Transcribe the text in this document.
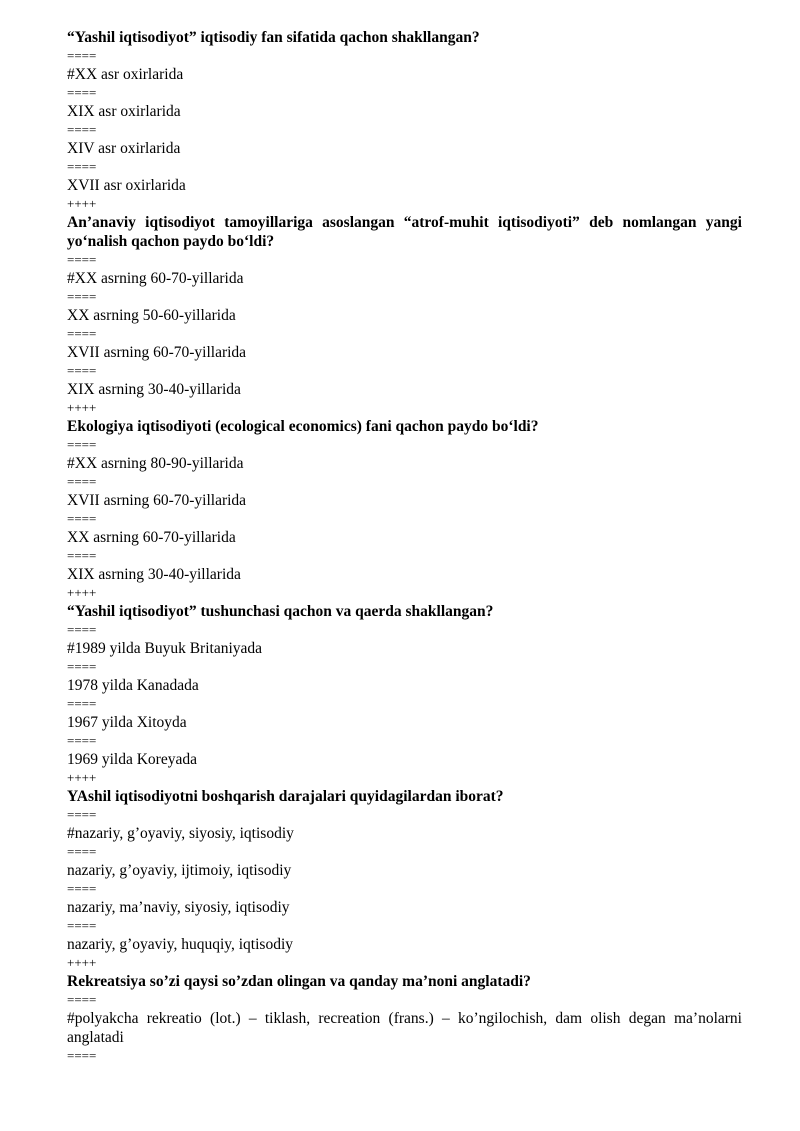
“Yashil iqtisodiyot” iqtisodiy fan sifatida qachon shakllangan?
====
#XX asr oxirlarida
====
XIX asr oxirlarida
====
XIV asr oxirlarida
====
XVII asr oxirlarida
++++
An’anaviy iqtisodiyot tamoyillariga asoslangan “atrof-muhit iqtisodiyoti” deb nomlangan yangi yo‘nalish qachon paydo bo‘ldi?
====
#XX asrning 60-70-yillarida
====
XX asrning 50-60-yillarida
====
XVII asrning 60-70-yillarida
====
XIX asrning 30-40-yillarida
++++
Ekologiya iqtisodiyoti (ecological economics) fani qachon paydo bo‘ldi?
====
#XX asrning 80-90-yillarida
====
XVII asrning 60-70-yillarida
====
XX asrning 60-70-yillarida
====
XIX asrning 30-40-yillarida
++++
“Yashil iqtisodiyot” tushunchasi qachon va qaerda shakllangan?
====
#1989 yilda Buyuk Britaniyada
====
1978 yilda Kanadada
====
1967 yilda Xitoyda
====
1969 yilda Koreyada
++++
YAshil iqtisodiyotni boshqarish darajalari quyidagilardan iborat?
====
#nazariy, g’oyaviy, siyosiy, iqtisodiy
====
nazariy, g’oyaviy, ijtimoiy, iqtisodiy
====
nazariy, ma’naviy, siyosiy, iqtisodiy
====
nazariy, g’oyaviy, huquqiy, iqtisodiy
++++
Rekreatsiya so’zi qaysi so’zdan olingan va qanday ma’noni anglatadi?
====
#polyakcha rekreatio (lot.) – tiklash, recreation (frans.) – ko’ngilochish, dam olish degan ma’nolarni anglatadi
====
